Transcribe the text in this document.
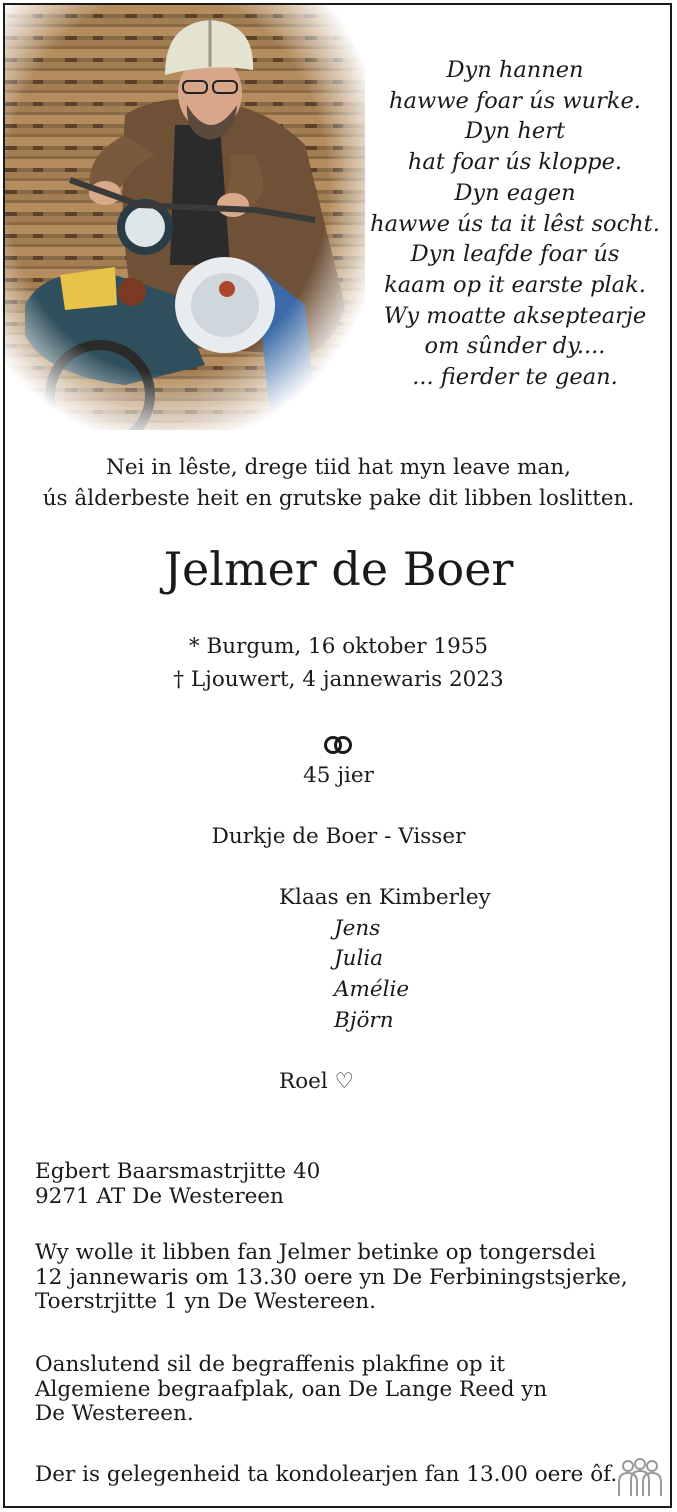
Dyn hannen
hawwe foar ús wurke.
Dyn hert
hat foar ús kloppe.
Dyn eagen
hawwe ús ta it lêst socht.
Dyn leafde foar ús
kaam op it earste plak.
Wy moatte akseptearje
om sûnder dy....
... fierder te gean.
Nei in lêste, drege tiid hat myn leave man,
ús âlderbeste heit en grutske pake dit libben loslitten.
Jelmer de Boer
* Burgum, 16 oktober 1955
† Ljouwert, 4 jannewaris 2023
45 jier
Durkje de Boer - Visser
Klaas en Kimberley
Jens
Julia
Amélie
Björn
Roel ♡
Egbert Baarsmastrjitte 40
9271 AT De Westereen
Wy wolle it libben fan Jelmer betinke op tongersdei
12 jannewaris om 13.30 oere yn De Ferbiningstsjerke,
Toerstrjitte 1 yn De Westereen.
Oanslutend sil de begraffenis plakfine op it
Algemiene begraafplak, oan De Lange Reed yn
De Westereen.
Der is gelegenheid ta kondolearjen fan 13.00 oere ôf.
